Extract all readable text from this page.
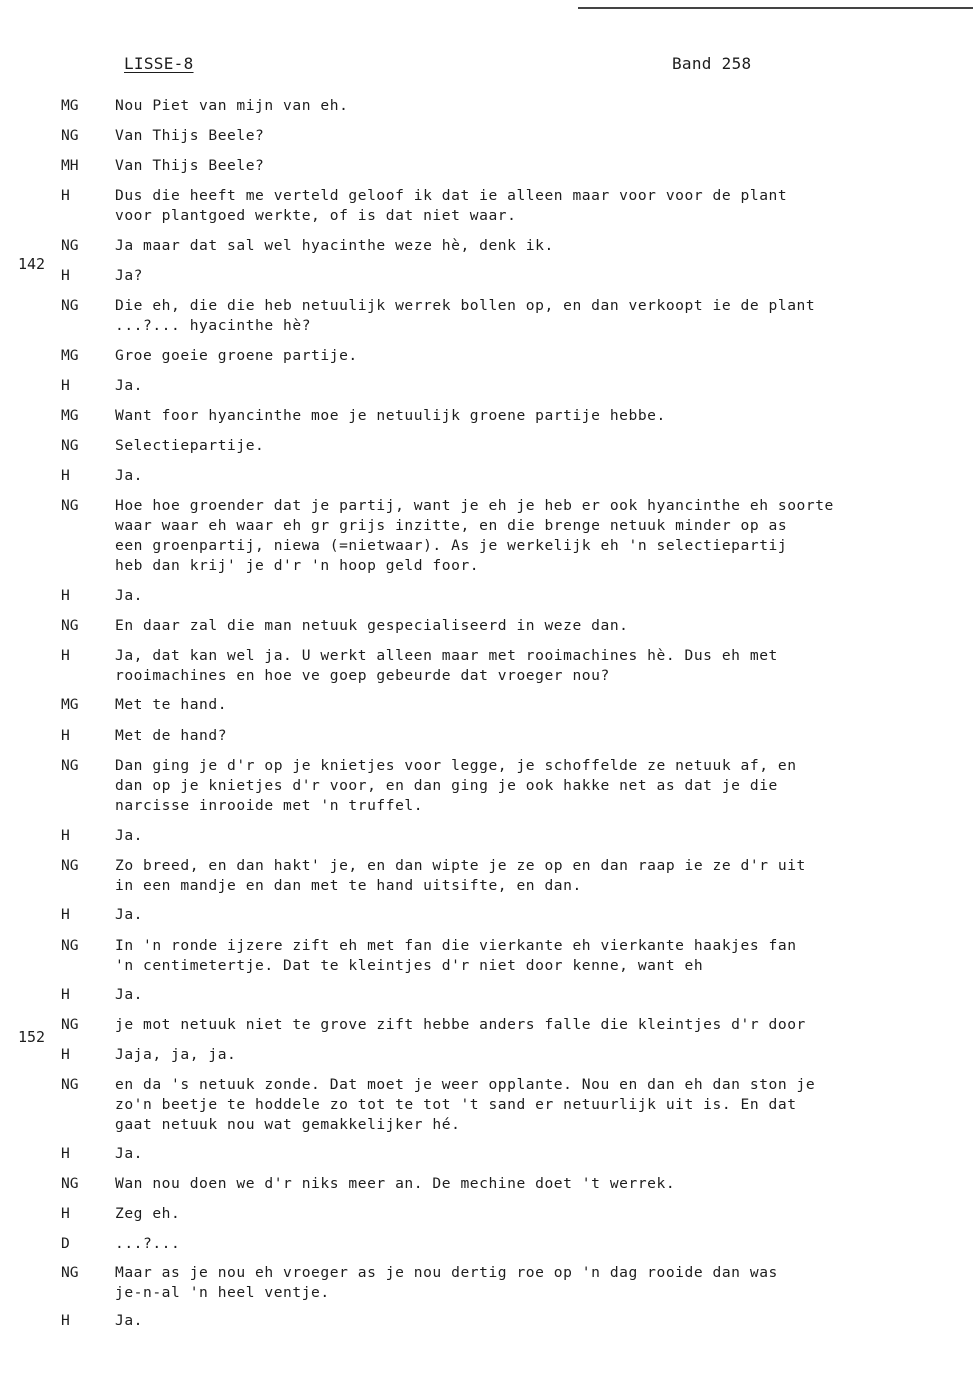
LISSE-8	Band 258
142
152
MG Nou Piet van mijn van eh.
NG Van Thijs Beele?
MH Van Thijs Beele?
H	Dus die heeft me verteld geloof ik dat ie alleen maar voor voor de plant
voor plantgoed werkte, of is dat niet waar.
NG Ja maar dat sal wel hyacinthe weze hè, denk ik.
H	Ja?
NG Die eh, die die heb netuulijk werrek bollen op, en dan verkoopt ie de plant
...?... hyacinthe hè?
MG Groe goeie groene partije.
H	Ja.
MG Want foor hyancinthe moe je netuulijk groene partije hebbe.
NG Selectiepartije.
H	Ja.
NG Hoe hoe groender dat je partij, want je eh je heb er ook hyancinthe eh soorte
waar waar eh waar eh gr grijs inzitte, en die brenge netuuk minder op as
een groenpartij, niewa (=nietwaar). As je werkelijk eh 'n selectiepartij
heb dan krij' je d'r 'n hoop geld foor.
H	Ja.
NG En daar zal die man netuuk gespecialiseerd in weze dan.
H	Ja, dat kan wel ja. U werkt alleen maar met rooimachines hè. Dus eh met
rooimachines en hoe ve goep gebeurde dat vroeger nou?
MG Met te hand.
H	Met de hand?
NG Dan ging je d'r op je knietjes voor legge, je schoffelde ze netuuk af, en
dan op je knietjes d'r voor, en dan ging je ook hakke net as dat je die
narcisse inrooide met 'n truffel.
H	Ja.
NG Zo breed, en dan hakt' je, en dan wipte je ze op en dan raap ie ze d'r uit
in een mandje en dan met te hand uitsifte, en dan.
H	Ja.
NG In 'n ronde ijzere zift eh met fan die vierkante eh vierkante haakjes fan
'n centimetertje. Dat te kleintjes d'r niet door kenne, want eh
H	Ja.
NG je mot netuuk niet te grove zift hebbe anders falle die kleintjes d'r door
H	Jaja, ja, ja.
NG en da 's netuuk zonde. Dat moet je weer opplante. Nou en dan eh dan ston je
zo'n beetje te hoddele zo tot te tot 't sand er netuurlijk uit is. En dat
gaat netuuk nou wat gemakkelijker hé.
H	Ja.
NG Wan nou doen we d'r niks meer an. De mechine doet 't werrek.
H	Zeg eh.
D	...?...
NG Maar as je nou eh vroeger as je nou dertig roe op 'n dag rooide dan was
je-n-al 'n heel ventje.
H	Ja.
